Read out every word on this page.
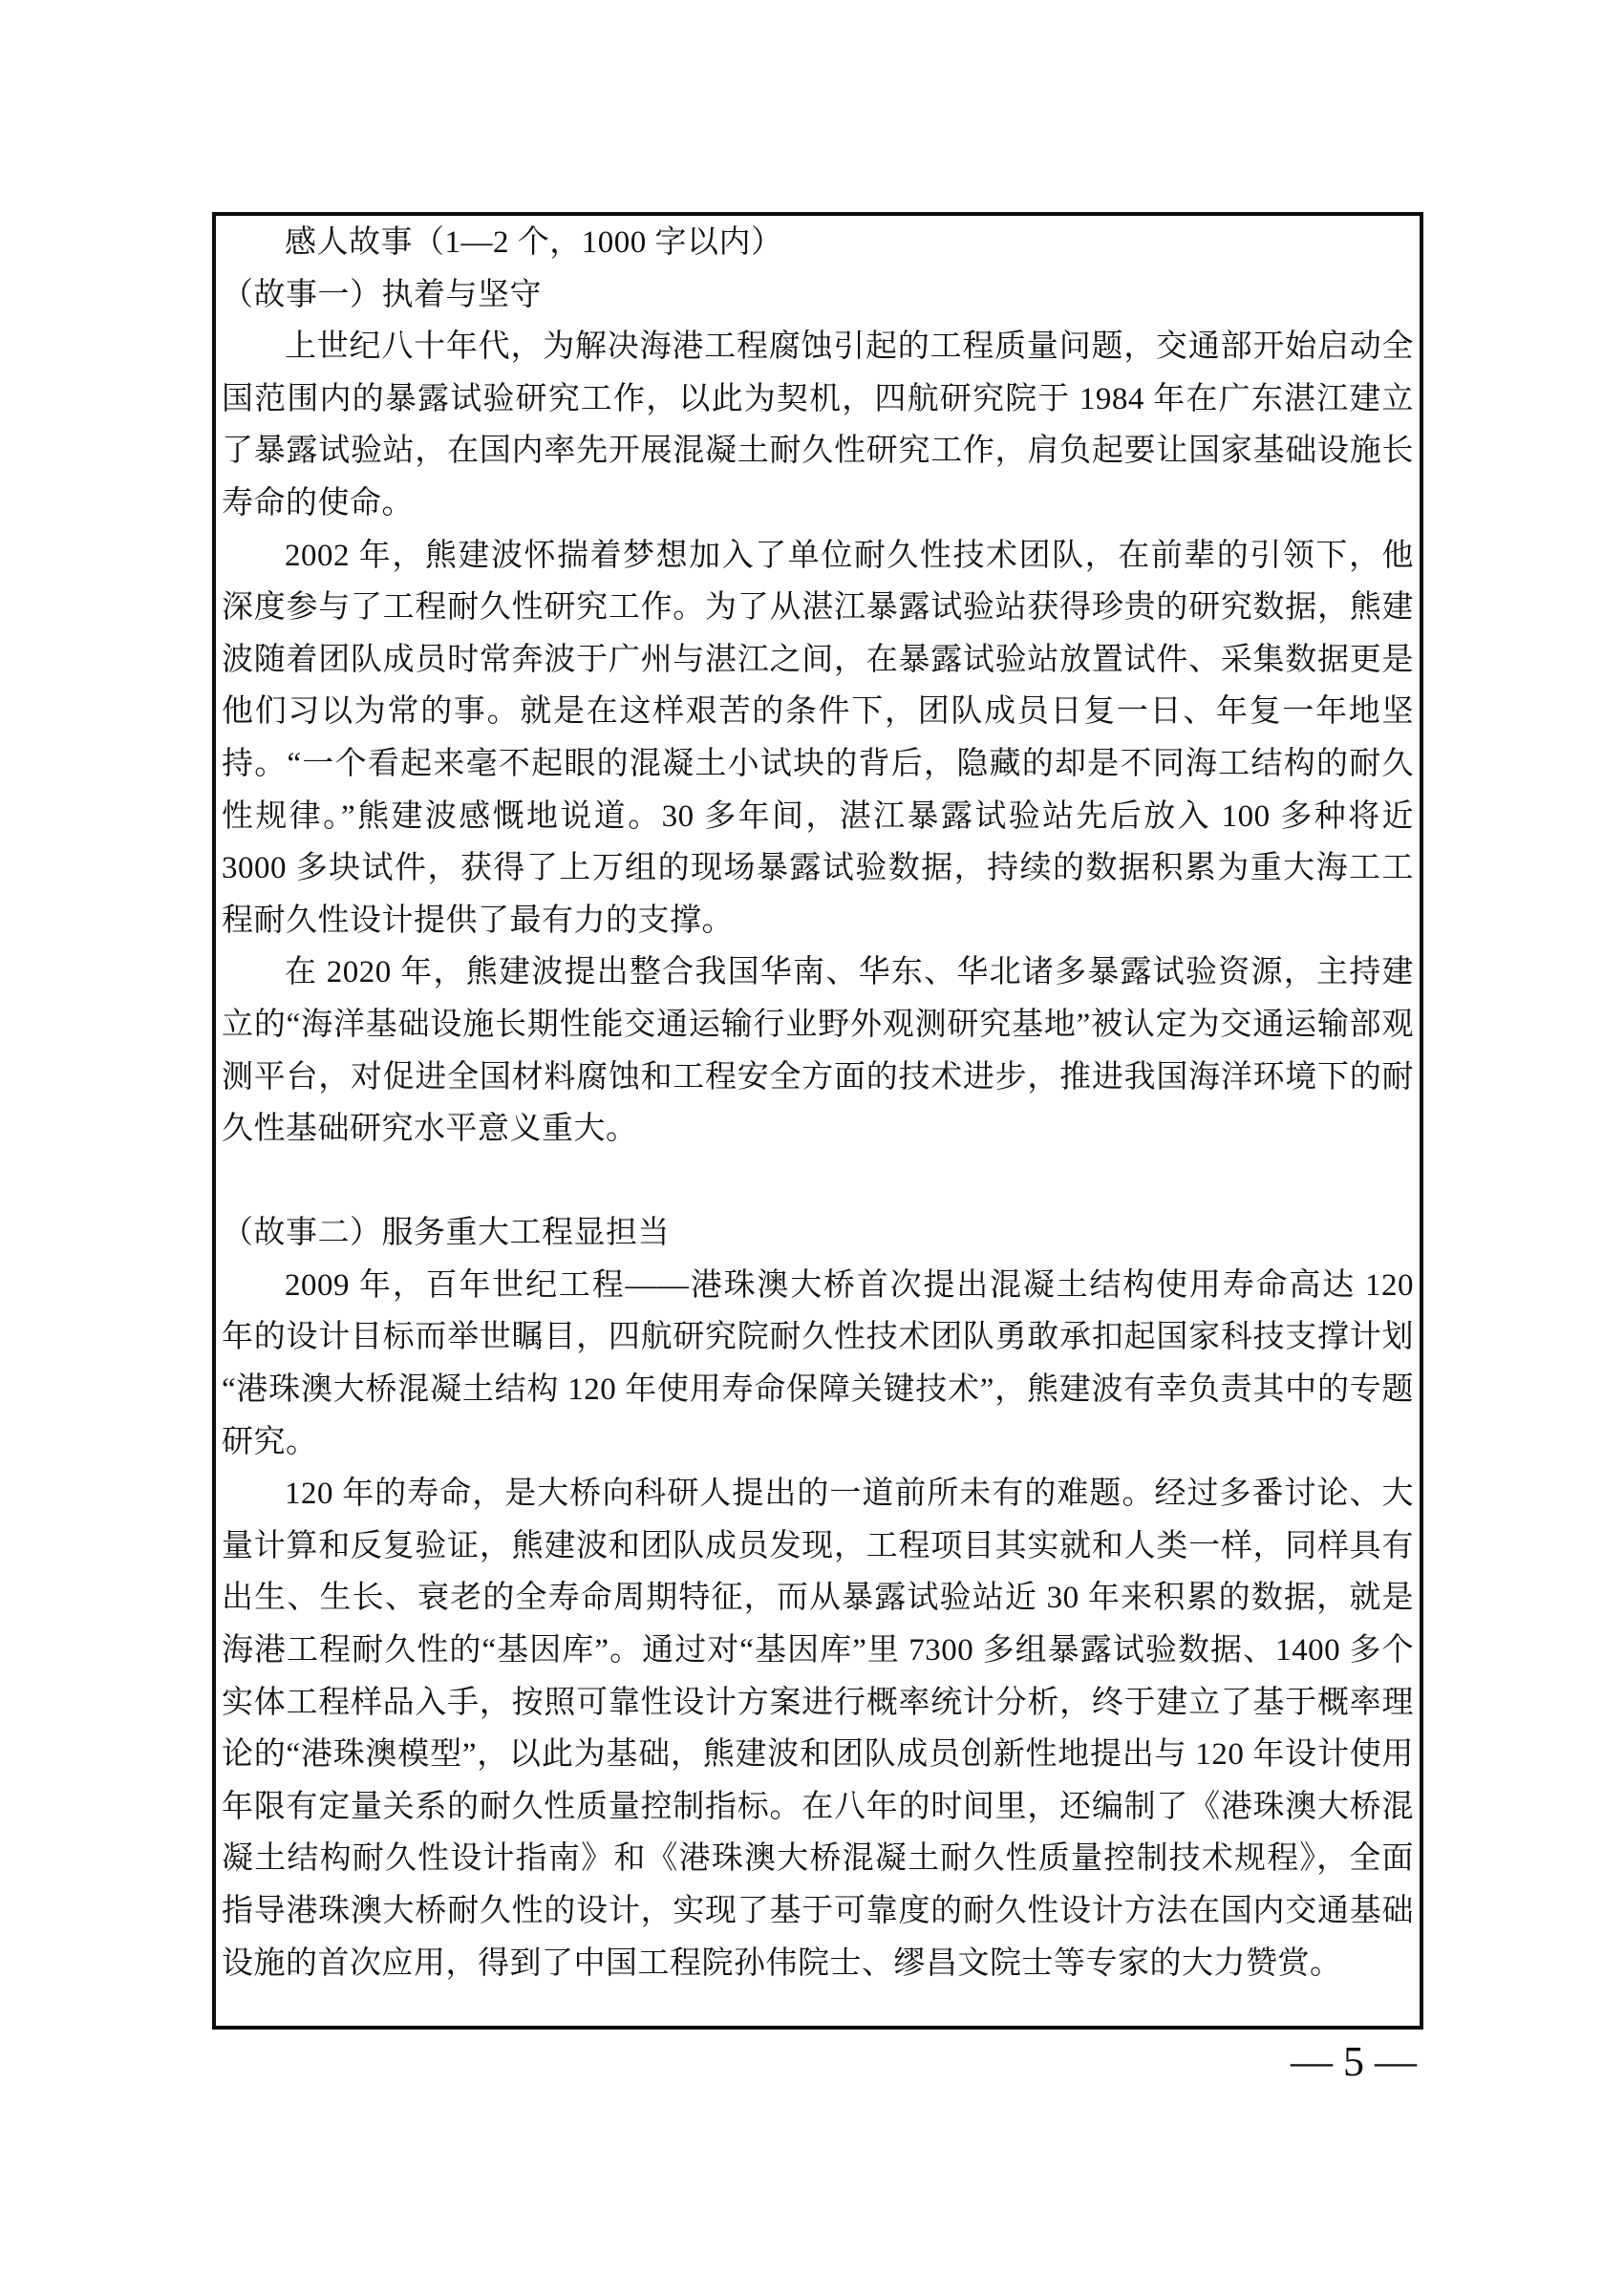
感人故事（1—2 个，1000 字以内）

（故事一）执着与坚守

上世纪八十年代，为解决海港工程腐蚀引起的工程质量问题，交通部开始启动全国范围内的暴露试验研究工作，以此为契机，四航研究院于 1984 年在广东湛江建立了暴露试验站，在国内率先开展混凝土耐久性研究工作，肩负起要让国家基础设施长寿命的使命。

2002 年，熊建波怀揣着梦想加入了单位耐久性技术团队，在前辈的引领下，他深度参与了工程耐久性研究工作。为了从湛江暴露试验站获得珍贵的研究数据，熊建波随着团队成员时常奔波于广州与湛江之间，在暴露试验站放置试件、采集数据更是他们习以为常的事。就是在这样艰苦的条件下，团队成员日复一日、年复一年地坚持。“一个看起来毫不起眼的混凝土小试块的背后，隐藏的却是不同海工结构的耐久性规律。”熊建波感慨地说道。30 多年间，湛江暴露试验站先后放入 100 多种将近 3000 多块试件，获得了上万组的现场暴露试验数据，持续的数据积累为重大海工工程耐久性设计提供了最有力的支撑。

在 2020 年，熊建波提出整合我国华南、华东、华北诸多暴露试验资源，主持建立的“海洋基础设施长期性能交通运输行业野外观测研究基地”被认定为交通运输部观测平台，对促进全国材料腐蚀和工程安全方面的技术进步，推进我国海洋环境下的耐久性基础研究水平意义重大。

（故事二）服务重大工程显担当

2009 年，百年世纪工程——港珠澳大桥首次提出混凝土结构使用寿命高达 120 年的设计目标而举世瞩目，四航研究院耐久性技术团队勇敢承扣起国家科技支撑计划“港珠澳大桥混凝土结构 120 年使用寿命保障关键技术”，熊建波有幸负责其中的专题研究。

120 年的寿命，是大桥向科研人提出的一道前所未有的难题。经过多番讨论、大量计算和反复验证，熊建波和团队成员发现，工程项目其实就和人类一样，同样具有出生、生长、衰老的全寿命周期特征，而从暴露试验站近 30 年来积累的数据，就是海港工程耐久性的“基因库”。通过对“基因库”里 7300 多组暴露试验数据、1400 多个实体工程样品入手，按照可靠性设计方案进行概率统计分析，终于建立了基于概率理论的“港珠澳模型”，以此为基础，熊建波和团队成员创新性地提出与 120 年设计使用年限有定量关系的耐久性质量控制指标。在八年的时间里，还编制了《港珠澳大桥混凝土结构耐久性设计指南》和《港珠澳大桥混凝土耐久性质量控制技术规程》，全面指导港珠澳大桥耐久性的设计，实现了基于可靠度的耐久性设计方法在国内交通基础设施的首次应用，得到了中国工程院孙伟院士、缪昌文院士等专家的大力赞赏。

— 5 —
